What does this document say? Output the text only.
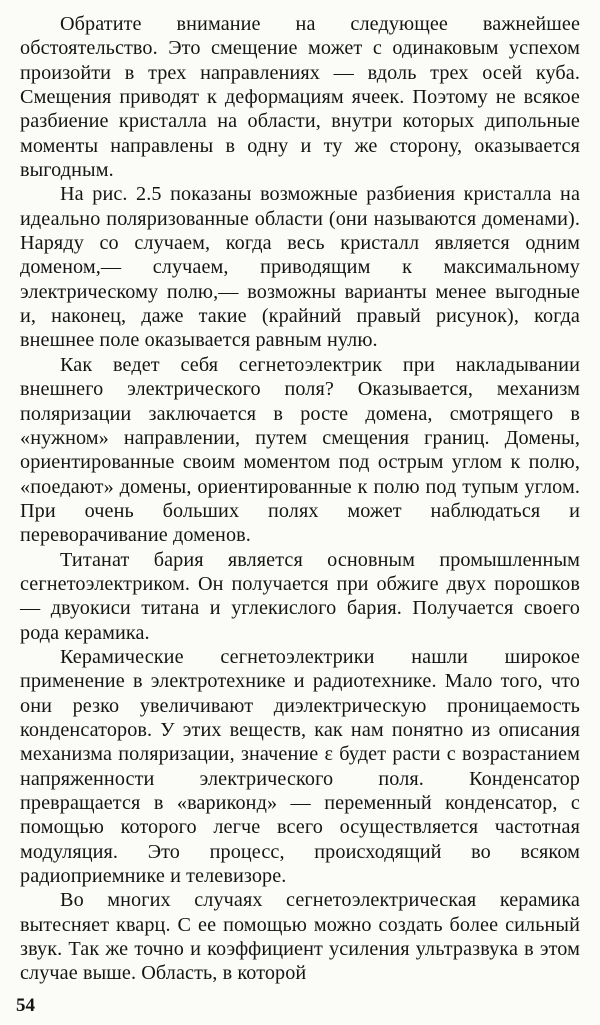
Обратите внимание на следующее важнейшее обстоятельство. Это смещение может с одинаковым успехом произойти в трех направлениях — вдоль трех осей куба. Смещения приводят к деформациям ячеек. Поэтому не всякое разбиение кристалла на области, внутри которых дипольные моменты направлены в одну и ту же сторону, оказывается выгодным.

На рис. 2.5 показаны возможные разбиения кристалла на идеально поляризованные области (они называются доменами). Наряду со случаем, когда весь кристалл является одним доменом,— случаем, приводящим к максимальному электрическому полю,— возможны варианты менее выгодные и, наконец, даже такие (крайний правый рисунок), когда внешнее поле оказывается равным нулю.

Как ведет себя сегнетоэлектрик при накладывании внешнего электрического поля? Оказывается, механизм поляризации заключается в росте домена, смотрящего в «нужном» направлении, путем смещения границ. Домены, ориентированные своим моментом под острым углом к полю, «поедают» домены, ориентированные к полю под тупым углом. При очень больших полях может наблюдаться и переворачивание доменов.

Титанат бария является основным промышленным сегнетоэлектриком. Он получается при обжиге двух порошков — двуокиси титана и углекислого бария. Получается своего рода керамика.

Керамические сегнетоэлектрики нашли широкое применение в электротехнике и радиотехнике. Мало того, что они резко увеличивают диэлектрическую проницаемость конденсаторов. У этих веществ, как нам понятно из описания механизма поляризации, значение ε будет расти с возрастанием напряженности электрического поля. Конденсатор превращается в «вариконд» — переменный конденсатор, с помощью которого легче всего осуществляется частотная модуляция. Это процесс, происходящий во всяком радиоприемнике и телевизоре.

Во многих случаях сегнетоэлектрическая керамика вытесняет кварц. С ее помощью можно создать более сильный звук. Так же точно и коэффициент усиления ультразвука в этом случае выше. Область, в которой

54
